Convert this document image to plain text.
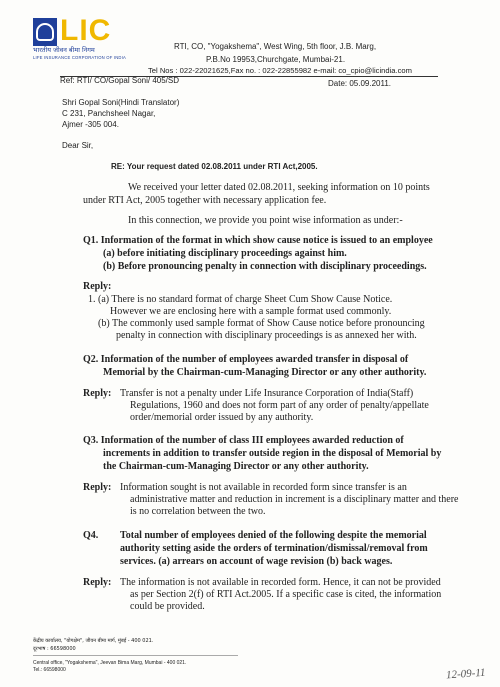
LIC
भारतीय जीवन बीमा निगम
LIFE INSURANCE CORPORATION OF INDIA
RTI, CO, "Yogakshema", West Wing, 5th floor, J.B. Marg,
P.B.No 19953,Churchgate, Mumbai-21.
Tel Nos : 022-22021625,Fax no. : 022-22855982 e-mail: co_cpio@licindia.com
Ref: RTI/ CO/Gopal Soni/ 405/SD	Date: 05.09.2011.
Shri Gopal Soni(Hindi Translator)
C 231, Panchsheel Nagar,
Ajmer -305 004.
Dear Sir,
RE: Your request dated 02.08.2011 under RTI Act,2005.
We received your letter dated 02.08.2011, seeking information on 10 points
under RTI Act, 2005 together with necessary application fee.
In this connection, we provide you point wise information as under:-
Q1. Information of the format in which show cause notice is issued to an employee
(a) before initiating disciplinary proceedings against him.
(b) Before pronouncing penalty in connection with disciplinary proceedings.
Reply:
1. (a) There is no standard format of charge Sheet Cum Show Cause Notice.
However we are enclosing here with a sample format used commonly.
(b) The commonly used sample format of Show Cause notice before pronouncing
penalty in connection with disciplinary proceedings is as annexed her with.
Q2. Information of the number of employees awarded transfer in disposal of
Memorial by the Chairman-cum-Managing Director or any other authority.
Reply: Transfer is not a penalty under Life Insurance Corporation of India(Staff)
Regulations, 1960 and does not form part of any order of penalty/appellate
order/memorial order issued by any authority.
Q3. Information of the number of class III employees awarded reduction of
increments in addition to transfer outside region in the disposal of Memorial by
the Chairman-cum-Managing Director or any other authority.
Reply: Information sought is not available in recorded form since transfer is an
administrative matter and reduction in increment is a disciplinary matter and there
is no correlation between the two.
Q4. Total number of employees denied of the following despite the memorial
authority setting aside the orders of termination/dismissal/removal from
services. (a) arrears on account of wage revision (b) back wages.
Reply: The information is not available in recorded form. Hence, it can not be provided
as per Section 2(f) of RTI Act.2005. If a specific case is cited, the information
could be provided.
केंद्रीय कार्यालय, "योगक्षेम", जीवन बीमा मार्ग, मुंबई - 400 021.
दूरभाष : 66598000
Central office, "Yogakshema", Jeevan Bima Marg, Mumbai - 400 021.
Tel.: 66598000	12-09-11
